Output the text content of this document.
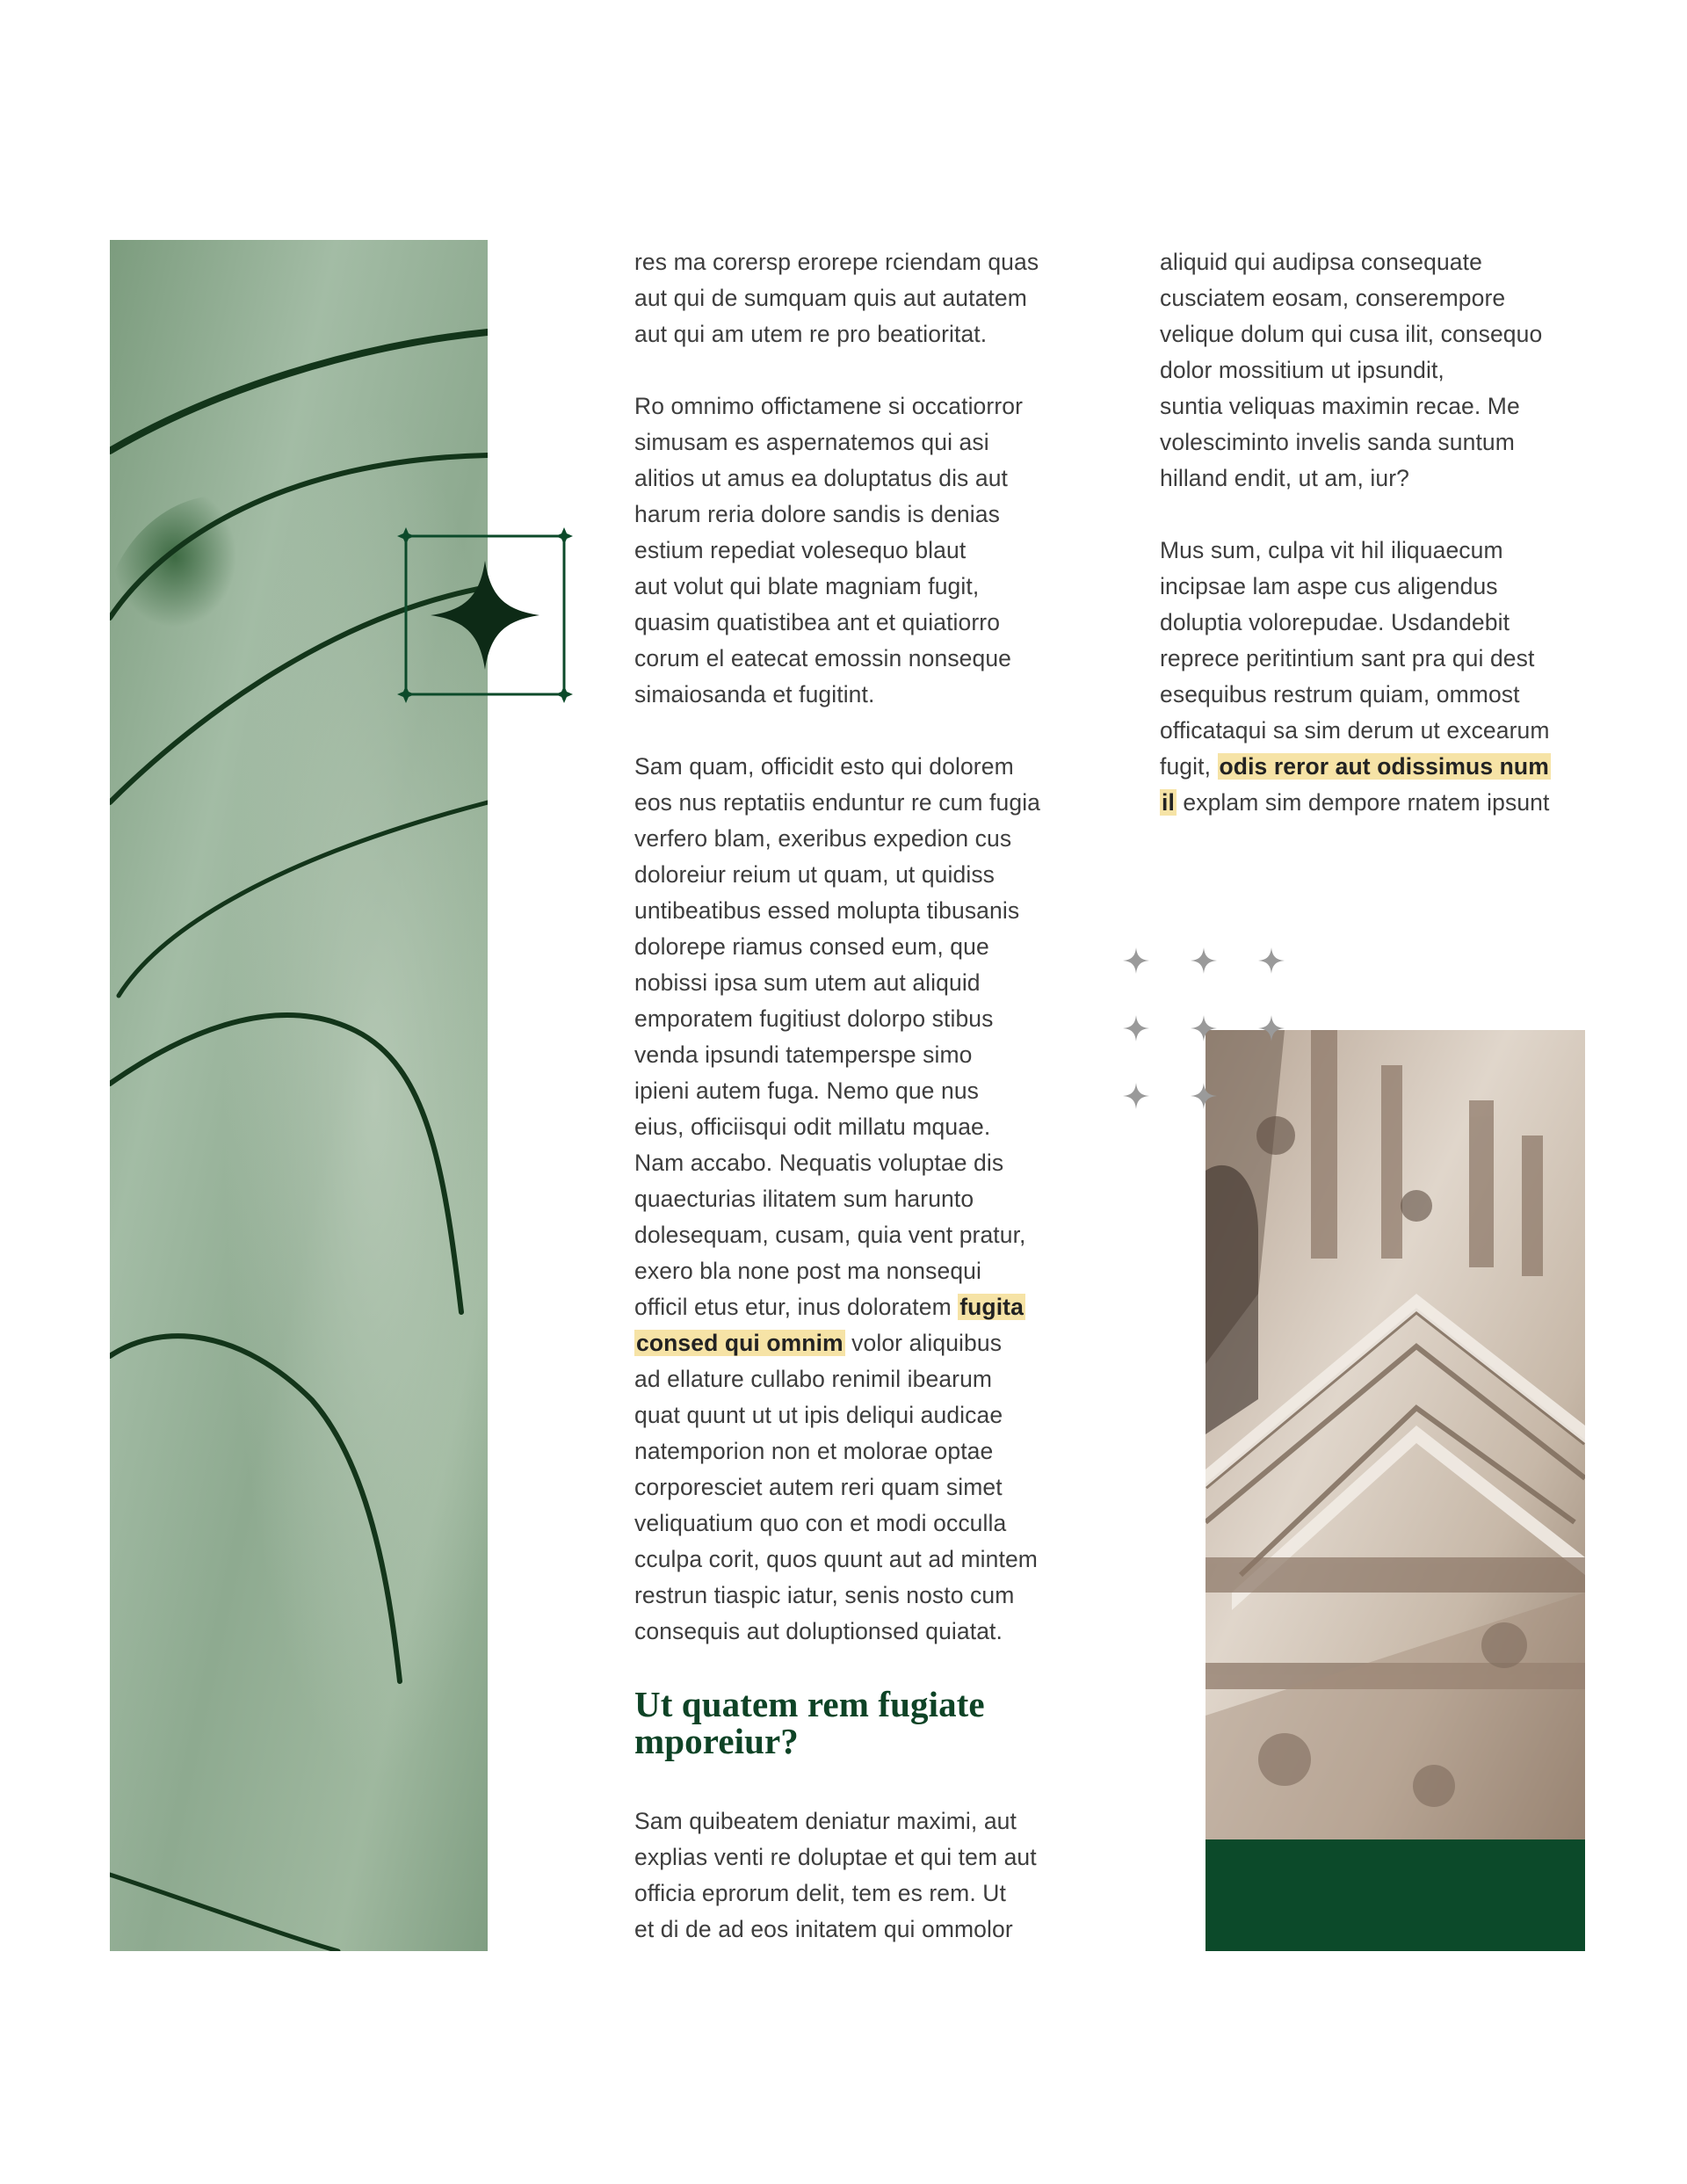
res ma corersp erorepe rciendam quas
aut qui de sumquam quis aut autatem
aut qui am utem re pro beatioritat.

Ro omnimo offictamene si occatiorror
simusam es aspernatemos qui asi
alitios ut amus ea doluptatus dis aut
harum reria dolore sandis is denias
estium repediat volesequo blaut
aut volut qui blate magniam fugit,
quasim quatistibea ant et quiatiorro
corum el eatecat emossin nonseque
simaiosanda et fugitint.

Sam quam, officidit esto qui dolorem
eos nus reptatiis enduntur re cum fugia
verfero blam, exeribus expedion cus
doloreiur reium ut quam, ut quidiss
untibeatibus essed molupta tibusanis
dolorepe riamus consed eum, que
nobissi ipsa sum utem aut aliquid
emporatem fugitiust dolorpo stibus
venda ipsundi tatemperspe simo
ipieni autem fuga. Nemo que nus
eius, officiisqui odit millatu mquae.
Nam accabo. Nequatis voluptae dis
quaecturias ilitatem sum harunto
dolesequam, cusam, quia vent pratur,
exero bla none post ma nonsequi
officil etus etur, inus doloratem fugita
consed qui omnim volor aliquibus
ad ellature cullabo renimil ibearum
quat quunt ut ut ipis deliqui audicae
natemporion non et molorae optae
corporesciet autem reri quam simet
veliquatium quo con et modi occulla
cculpa corit, quos quunt aut ad mintem
restrun tiaspic iatur, senis nosto cum
consequis aut doluptionsed quiatat.

Ut quatem rem fugiate
mporeiur?

Sam quibeatem deniatur maximi, aut
explias venti re doluptae et qui tem aut
officia eprorum delit, tem es rem. Ut
et di de ad eos initatem qui ommolor

aliquid qui audipsa consequate
cusciatem eosam, conserempore
velique dolum qui cusa ilit, consequo
dolor mossitium ut ipsundit,
suntia veliquas maximin recae. Me
volesciminto invelis sanda suntum
hilland endit, ut am, iur?

Mus sum, culpa vit hil iliquaecum
incipsae lam aspe cus aligendus
doluptia volorepudae. Usdandebit
reprece peritintium sant pra qui dest
esequibus restrum quiam, ommost
officataqui sa sim derum ut excearum
fugit, odis reror aut odissimus num
il explam sim dempore rnatem ipsunt
